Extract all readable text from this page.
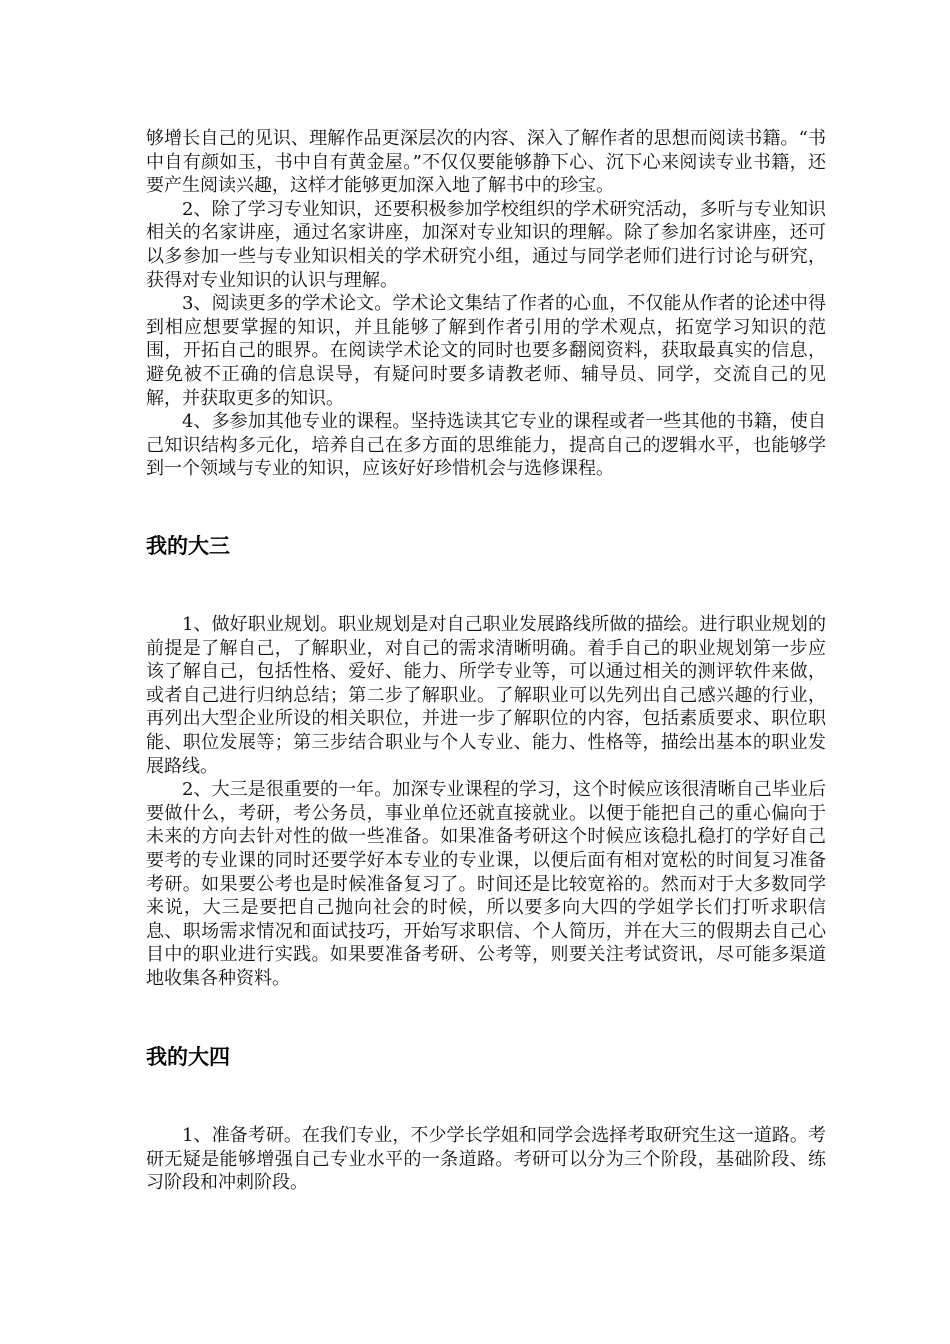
够增长自己的见识、理解作品更深层次的内容、深入了解作者的思想而阅读书籍。“书中自有颜如玉，书中自有黄金屋。”不仅仅要能够静下心、沉下心来阅读专业书籍，还要产生阅读兴趣，这样才能够更加深入地了解书中的珍宝。

2、除了学习专业知识，还要积极参加学校组织的学术研究活动，多听与专业知识相关的名家讲座，通过名家讲座，加深对专业知识的理解。除了参加名家讲座，还可以多参加一些与专业知识相关的学术研究小组，通过与同学老师们进行讨论与研究，获得对专业知识的认识与理解。

3、阅读更多的学术论文。学术论文集结了作者的心血，不仅能从作者的论述中得到相应想要掌握的知识，并且能够了解到作者引用的学术观点，拓宽学习知识的范围，开拓自己的眼界。在阅读学术论文的同时也要多翻阅资料，获取最真实的信息，避免被不正确的信息误导，有疑问时要多请教老师、辅导员、同学，交流自己的见解，并获取更多的知识。

4、多参加其他专业的课程。坚持选读其它专业的课程或者一些其他的书籍，使自己知识结构多元化，培养自己在多方面的思维能力，提高自己的逻辑水平，也能够学到一个领域与专业的知识，应该好好珍惜机会与选修课程。

我的大三

1、做好职业规划。职业规划是对自己职业发展路线所做的描绘。进行职业规划的前提是了解自己，了解职业，对自己的需求清晰明确。着手自己的职业规划第一步应该了解自己，包括性格、爱好、能力、所学专业等，可以通过相关的测评软件来做，或者自己进行归纳总结；第二步了解职业。了解职业可以先列出自己感兴趣的行业，再列出大型企业所设的相关职位，并进一步了解职位的内容，包括素质要求、职位职能、职位发展等；第三步结合职业与个人专业、能力、性格等，描绘出基本的职业发展路线。

2、大三是很重要的一年。加深专业课程的学习，这个时候应该很清晰自己毕业后要做什么，考研，考公务员，事业单位还就直接就业。以便于能把自己的重心偏向于未来的方向去针对性的做一些准备。如果准备考研这个时候应该稳扎稳打的学好自己要考的专业课的同时还要学好本专业的专业课，以便后面有相对宽松的时间复习准备考研。如果要公考也是时候准备复习了。时间还是比较宽裕的。然而对于大多数同学来说，大三是要把自己抛向社会的时候，所以要多向大四的学姐学长们打听求职信息、职场需求情况和面试技巧，开始写求职信、个人简历，并在大三的假期去自己心目中的职业进行实践。如果要准备考研、公考等，则要关注考试资讯，尽可能多渠道地收集各种资料。

我的大四

1、准备考研。在我们专业，不少学长学姐和同学会选择考取研究生这一道路。考研无疑是能够增强自己专业水平的一条道路。考研可以分为三个阶段，基础阶段、练习阶段和冲刺阶段。
